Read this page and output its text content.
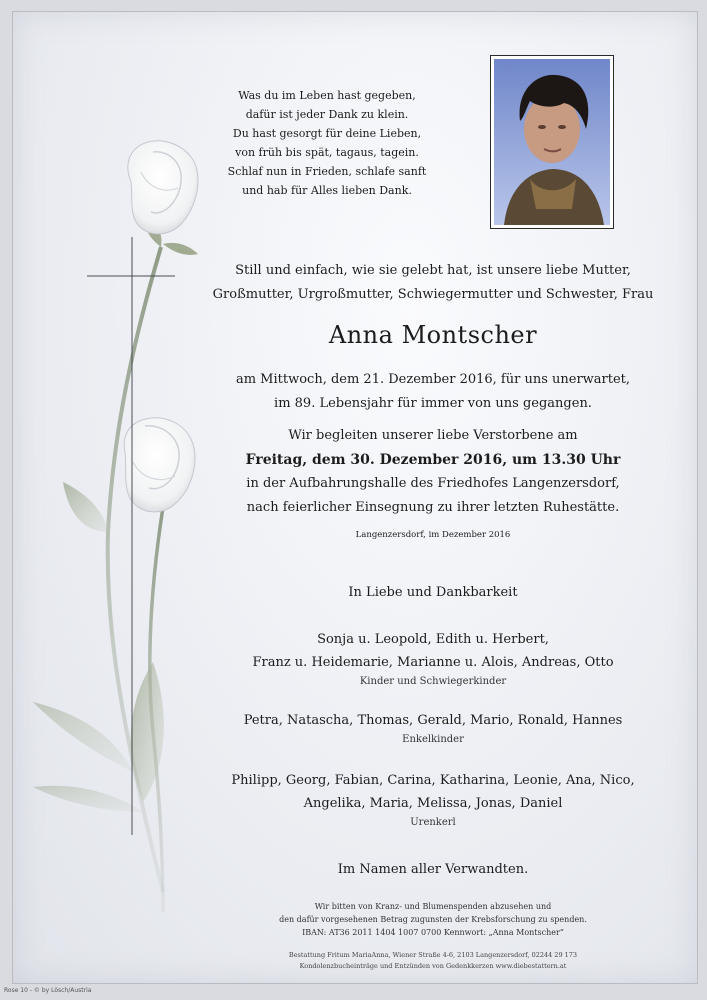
Was du im Leben hast gegeben,
dafür ist jeder Dank zu klein.
Du hast gesorgt für deine Lieben,
von früh bis spät, tagaus, tagein.
Schlaf nun in Frieden, schlafe sanft
und hab für Alles lieben Dank.
Still und einfach, wie sie gelebt hat, ist unsere liebe Mutter,
Großmutter, Urgroßmutter, Schwiegermutter und Schwester, Frau
Anna Montscher
am Mittwoch, dem 21. Dezember 2016, für uns unerwartet,
im 89. Lebensjahr für immer von uns gegangen.
Wir begleiten unserer liebe Verstorbene am
Freitag, dem 30. Dezember 2016, um 13.30 Uhr
in der Aufbahrungshalle des Friedhofes Langenzersdorf,
nach feierlicher Einsegnung zu ihrer letzten Ruhestätte.
Langenzersdorf, im Dezember 2016
In Liebe und Dankbarkeit
Sonja u. Leopold, Edith u. Herbert,
Franz u. Heidemarie, Marianne u. Alois, Andreas, Otto
Kinder und Schwiegerkinder
Petra, Natascha, Thomas, Gerald, Mario, Ronald, Hannes
Enkelkinder
Philipp, Georg, Fabian, Carina, Katharina, Leonie, Ana, Nico,
Angelika, Maria, Melissa, Jonas, Daniel
Urenkerl
Im Namen aller Verwandten.
Wir bitten von Kranz- und Blumenspenden abzusehen und
den dafür vorgesehenen Betrag zugunsten der Krebsforschung zu spenden.
IBAN: AT36 2011 1404 1007 0700 Kennwort: „Anna Montscher“
Bestattung Fritum MariaAnna, Wiener Straße 4-6, 2103 Langenzersdorf, 02244 29 173
Kondolenzbucheinträge und Entzünden von Gedenkkerzen www.diebestattern.at
Rose 10 - © by Lösch/Austria
